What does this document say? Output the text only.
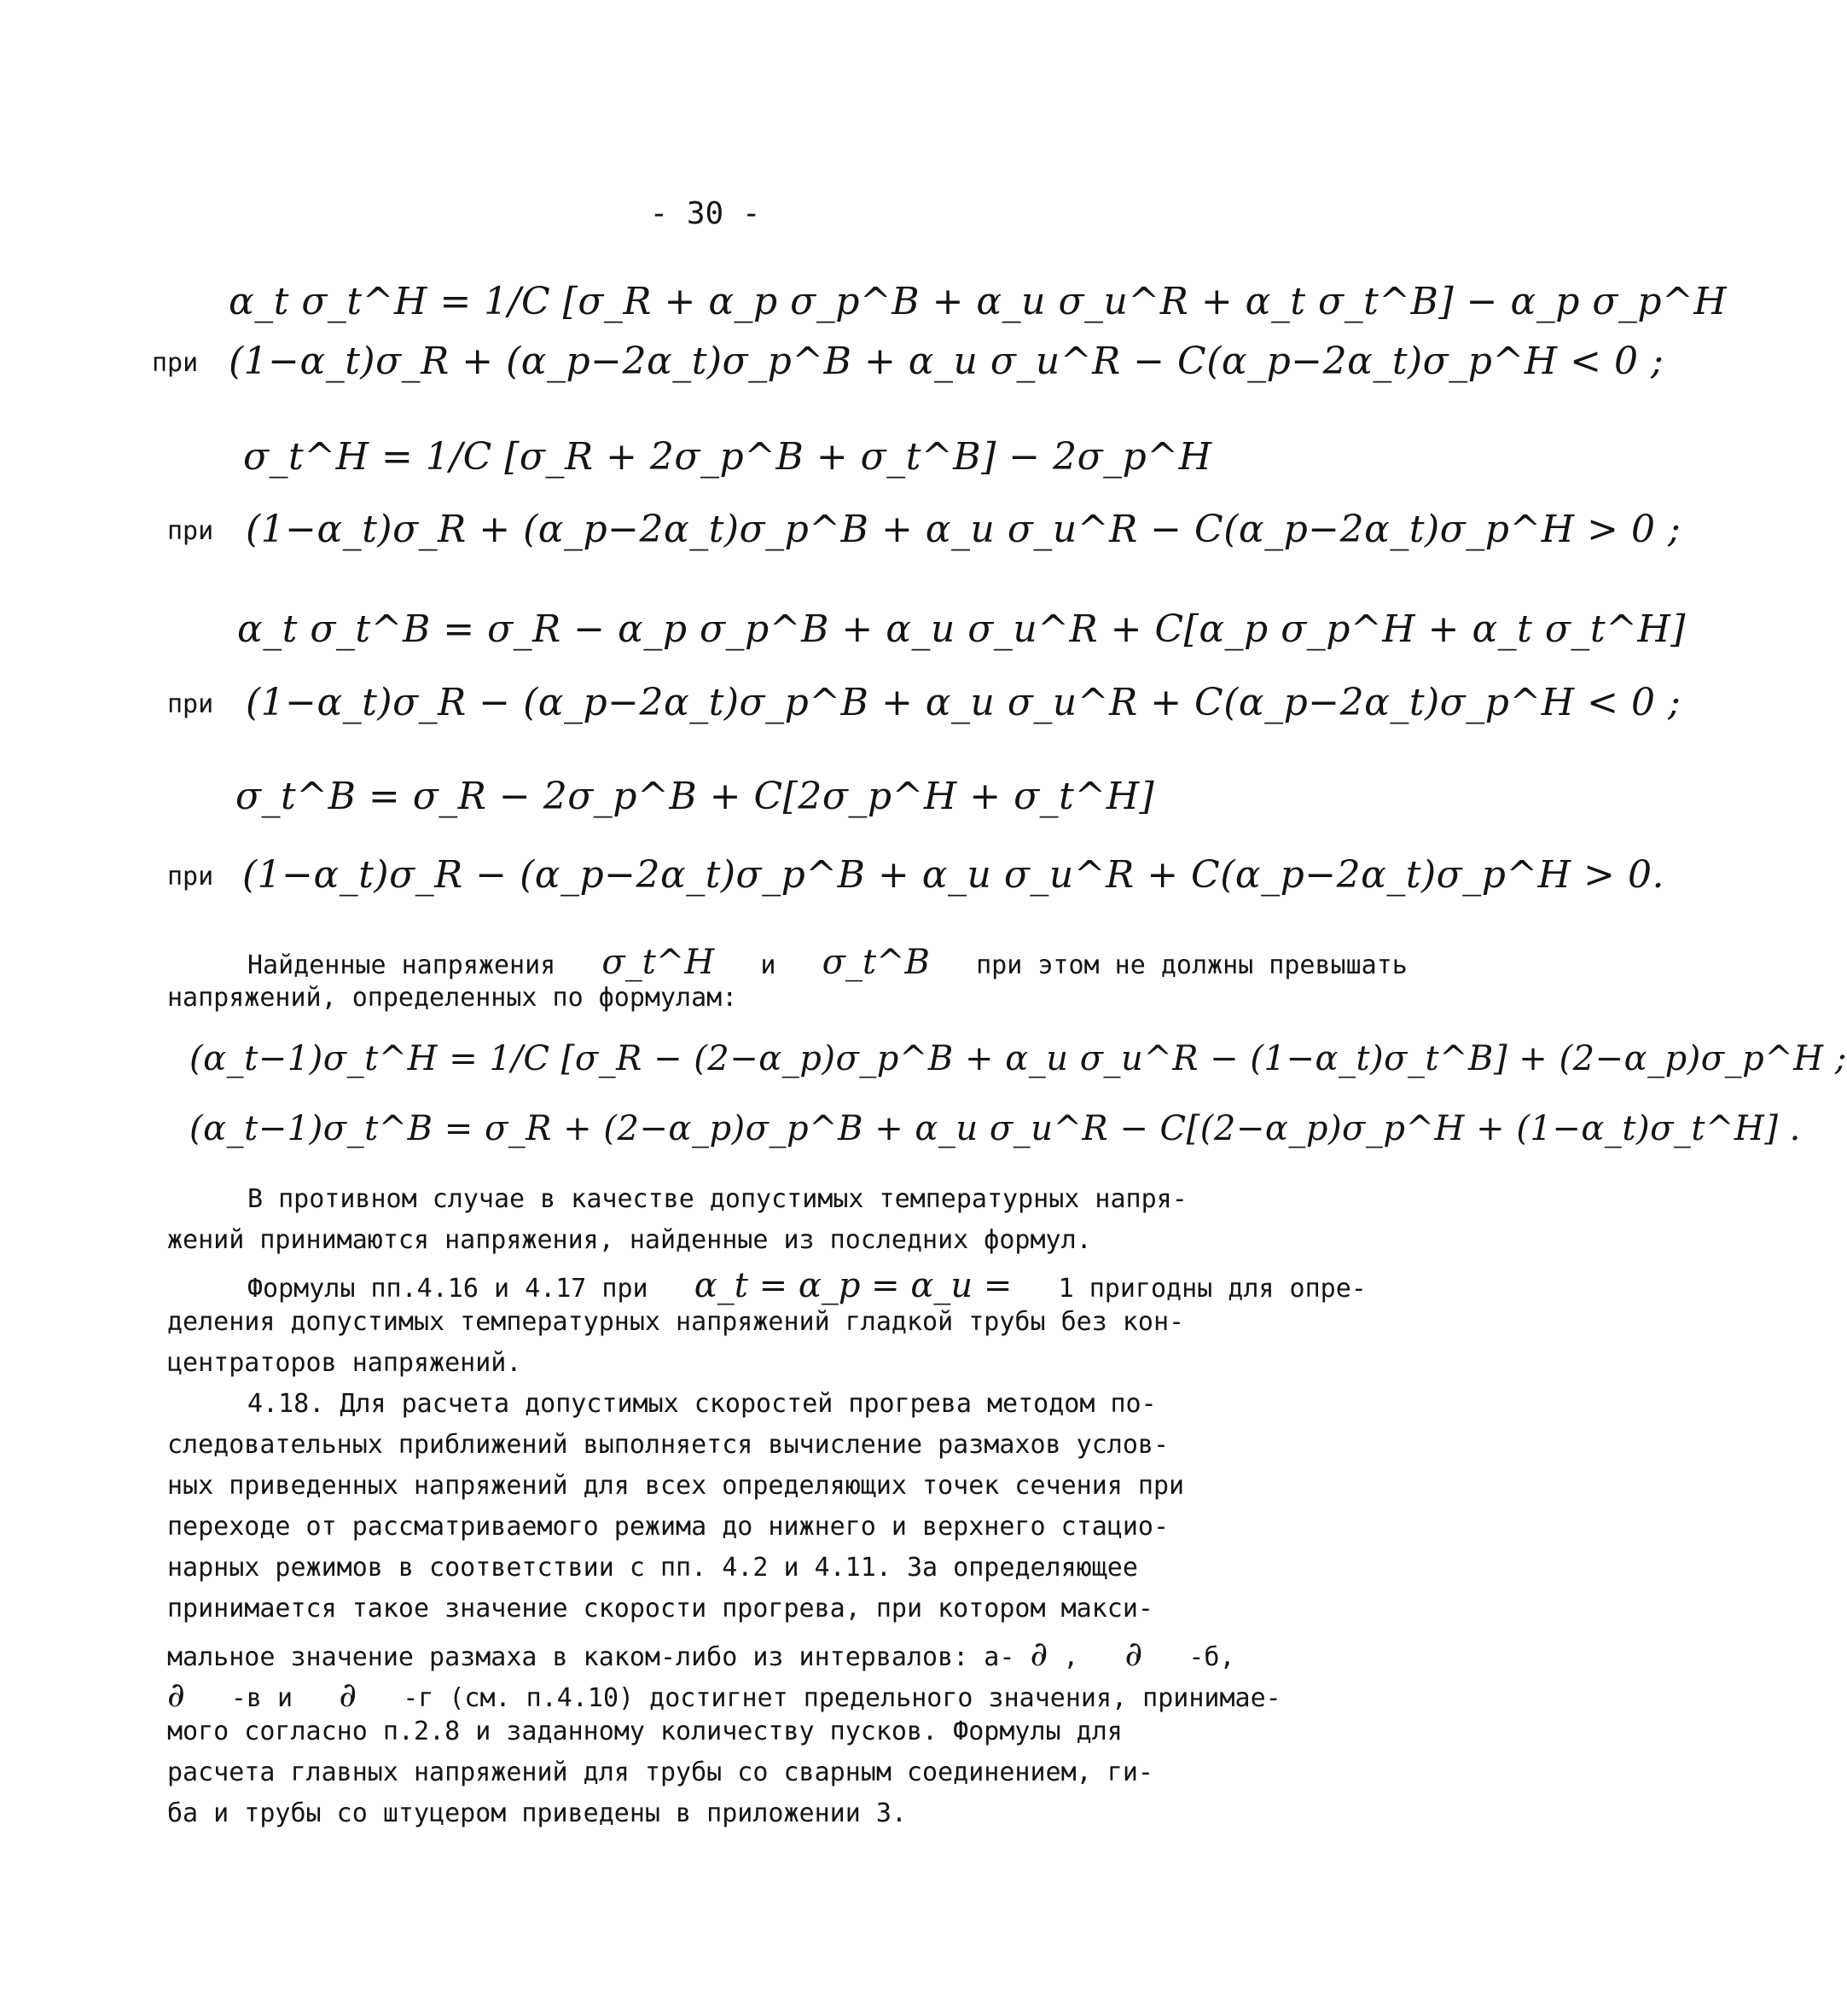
- 30 -
α_t σ_t^H = 1/C [σ_R + α_p σ_p^B + α_и σ_и^R + α_t σ_t^B] − α_p σ_p^H
при (1−α_t)σ_R + (α_p−2α_t)σ_p^B + α_и σ_и^R − C(α_p−2α_t)σ_p^H < 0 ;
σ_t^H = 1/C [σ_R + 2σ_p^B + σ_t^B] − 2σ_p^H
при (1−α_t)σ_R + (α_p−2α_t)σ_p^B + α_и σ_и^R − C(α_p−2α_t)σ_p^H > 0 ;
α_t σ_t^B = σ_R − α_p σ_p^B + α_и σ_и^R + C[α_p σ_p^H + α_t σ_t^H]
при (1−α_t)σ_R − (α_p−2α_t)σ_p^B + α_и σ_и^R + C(α_p−2α_t)σ_p^H < 0 ;
σ_t^B = σ_R − 2σ_p^B + C[2σ_p^H + σ_t^H]
при (1−α_t)σ_R − (α_p−2α_t)σ_p^B + α_и σ_и^R + C(α_p−2α_t)σ_p^H > 0.
Найденные напряжения σ_t^H и σ_t^B при этом не должны превышать
напряжений, определенных по формулам:
(α_t−1)σ_t^H = 1/C [σ_R − (2−α_p)σ_p^B + α_и σ_и^R − (1−α_t)σ_t^B] + (2−α_p)σ_p^H ;
(α_t−1)σ_t^B = σ_R + (2−α_p)σ_p^B + α_и σ_и^R − C[(2−α_p)σ_p^H + (1−α_t)σ_t^H] .
В противном случае в качестве допустимых температурных напря-
жений принимаются напряжения, найденные из последних формул.
Формулы пп.4.16 и 4.17 при α_t = α_p = α_и = 1 пригодны для опре-
деления допустимых температурных напряжений гладкой трубы без кон-
центраторов напряжений.
4.18. Для расчета допустимых скоростей прогрева методом по-
следовательных приближений выполняется вычисление размахов услов-
ных приведенных напряжений для всех определяющих точек сечения при
переходе от рассматриваемого режима до нижнего и верхнего стацио-
нарных режимов в соответствии с пп. 4.2 и 4.11. За определяющее
принимается такое значение скорости прогрева, при котором макси-
мальное значение размаха в каком-либо из интервалов: а- ∂ , ∂ -б,
∂ -в и ∂ -г (см. п.4.10) достигнет предельного значения, принимае-
мого согласно п.2.8 и заданному количеству пусков. Формулы для
расчета главных напряжений для трубы со сварным соединением, ги-
ба и трубы со штуцером приведены в приложении 3.
